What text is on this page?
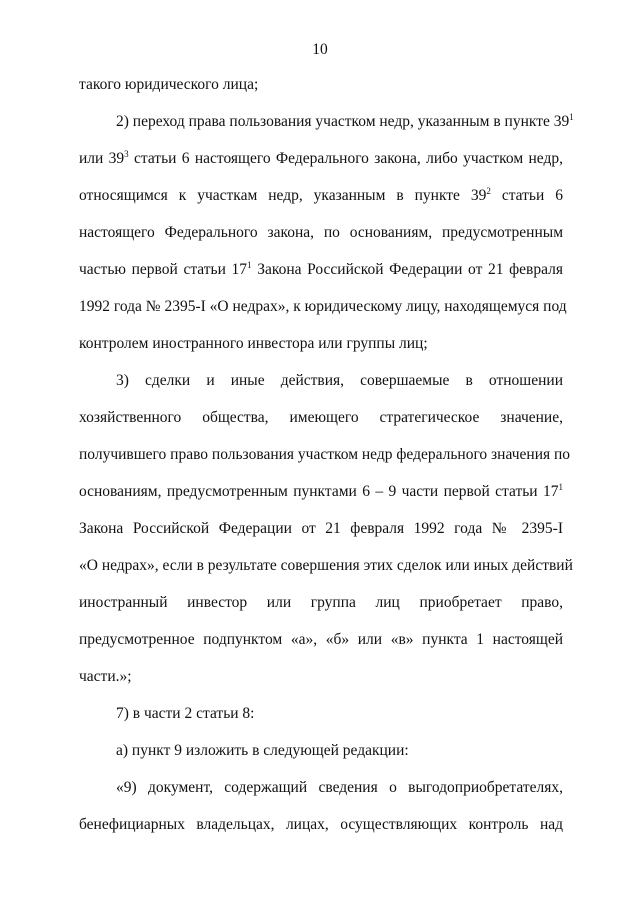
10
такого юридического лица;
2) переход права пользования участком недр, указанным в пункте $39^1$
или $39^3$ статьи 6 настоящего Федерального закона, либо участком недр,
относящимся к участкам недр, указанным в пункте $39^2$ статьи 6
настоящего Федерального закона, по основаниям, предусмотренным
частью первой статьи $17^1$ Закона Российской Федерации от 21 февраля
1992 года № 2395-I «О недрах», к юридическому лицу, находящемуся под
контролем иностранного инвестора или группы лиц;
3) сделки и иные действия, совершаемые в отношении
хозяйственного общества, имеющего стратегическое значение,
получившего право пользования участком недр федерального значения по
основаниям, предусмотренным пунктами 6 – 9 части первой статьи $17^1$
Закона Российской Федерации от 21 февраля 1992 года № 2395-I
«О недрах», если в результате совершения этих сделок или иных действий
иностранный инвестор или группа лиц приобретает право,
предусмотренное подпунктом «а», «б» или «в» пункта 1 настоящей
части.»;
7) в части 2 статьи 8:
а) пункт 9 изложить в следующей редакции:
«9) документ, содержащий сведения о выгодоприобретателях,
бенефициарных владельцах, лицах, осуществляющих контроль над
